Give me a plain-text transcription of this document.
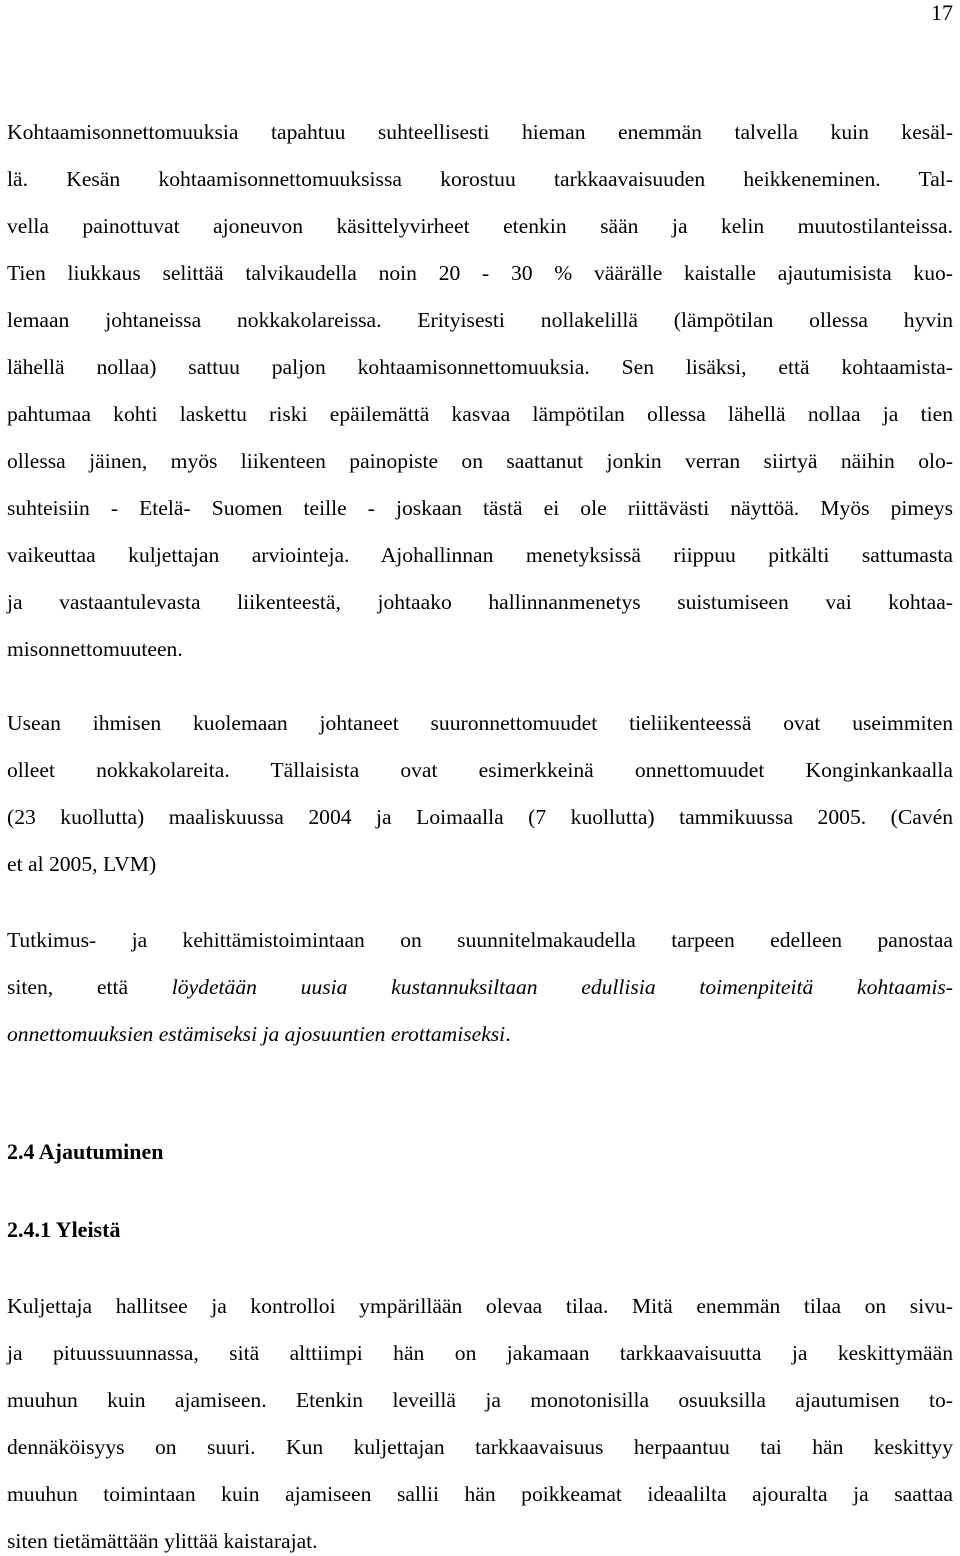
17
Kohtaamisonnettomuuksia tapahtuu suhteellisesti hieman enemmän talvella kuin kesäl-
lä. Kesän kohtaamisonnettomuuksissa korostuu tarkkaavaisuuden heikkeneminen. Tal-
vella painottuvat ajoneuvon käsittelyvirheet etenkin sään ja kelin muutostilanteissa.
Tien liukkaus selittää talvikaudella noin 20 - 30 % väärälle kaistalle ajautumisista kuo-
lemaan johtaneissa nokkakolareissa. Erityisesti nollakelillä (lämpötilan ollessa hyvin
lähellä nollaa) sattuu paljon kohtaamisonnettomuuksia. Sen lisäksi, että kohtaamista-
pahtumaa kohti laskettu riski epäilemättä kasvaa lämpötilan ollessa lähellä nollaa ja tien
ollessa jäinen, myös liikenteen painopiste on saattanut jonkin verran siirtyä näihin olo-
suhteisiin - Etelä- Suomen teille - joskaan tästä ei ole riittävästi näyttöä. Myös pimeys
vaikeuttaa kuljettajan arviointeja. Ajohallinnan menetyksissä riippuu pitkälti sattumasta
ja vastaantulevasta liikenteestä, johtaako hallinnanmenetys suistumiseen vai kohtaa-
misonnettomuuteen.
Usean ihmisen kuolemaan johtaneet suuronnettomuudet tieliikenteessä ovat useimmiten
olleet nokkakolareita. Tällaisista ovat esimerkkeinä onnettomuudet Konginkankaalla
(23 kuollutta) maaliskuussa 2004 ja Loimaalla (7 kuollutta) tammikuussa 2005. (Cavén
et al 2005, LVM)
Tutkimus- ja kehittämistoimintaan on suunnitelmakaudella tarpeen edelleen panostaa
siten, että löydetään uusia kustannuksiltaan edullisia toimenpiteitä kohtaamis-
onnettomuuksien estämiseksi ja ajosuuntien erottamiseksi.
2.4 Ajautuminen
2.4.1 Yleistä
Kuljettaja hallitsee ja kontrolloi ympärillään olevaa tilaa. Mitä enemmän tilaa on sivu-
ja pituussuunnassa, sitä alttiimpi hän on jakamaan tarkkaavaisuutta ja keskittymään
muuhun kuin ajamiseen. Etenkin leveillä ja monotonisilla osuuksilla ajautumisen to-
dennäköisyys on suuri. Kun kuljettajan tarkkaavaisuus herpaantuu tai hän keskittyy
muuhun toimintaan kuin ajamiseen sallii hän poikkeamat ideaalilta ajouralta ja saattaa
siten tietämättään ylittää kaistarajat.
